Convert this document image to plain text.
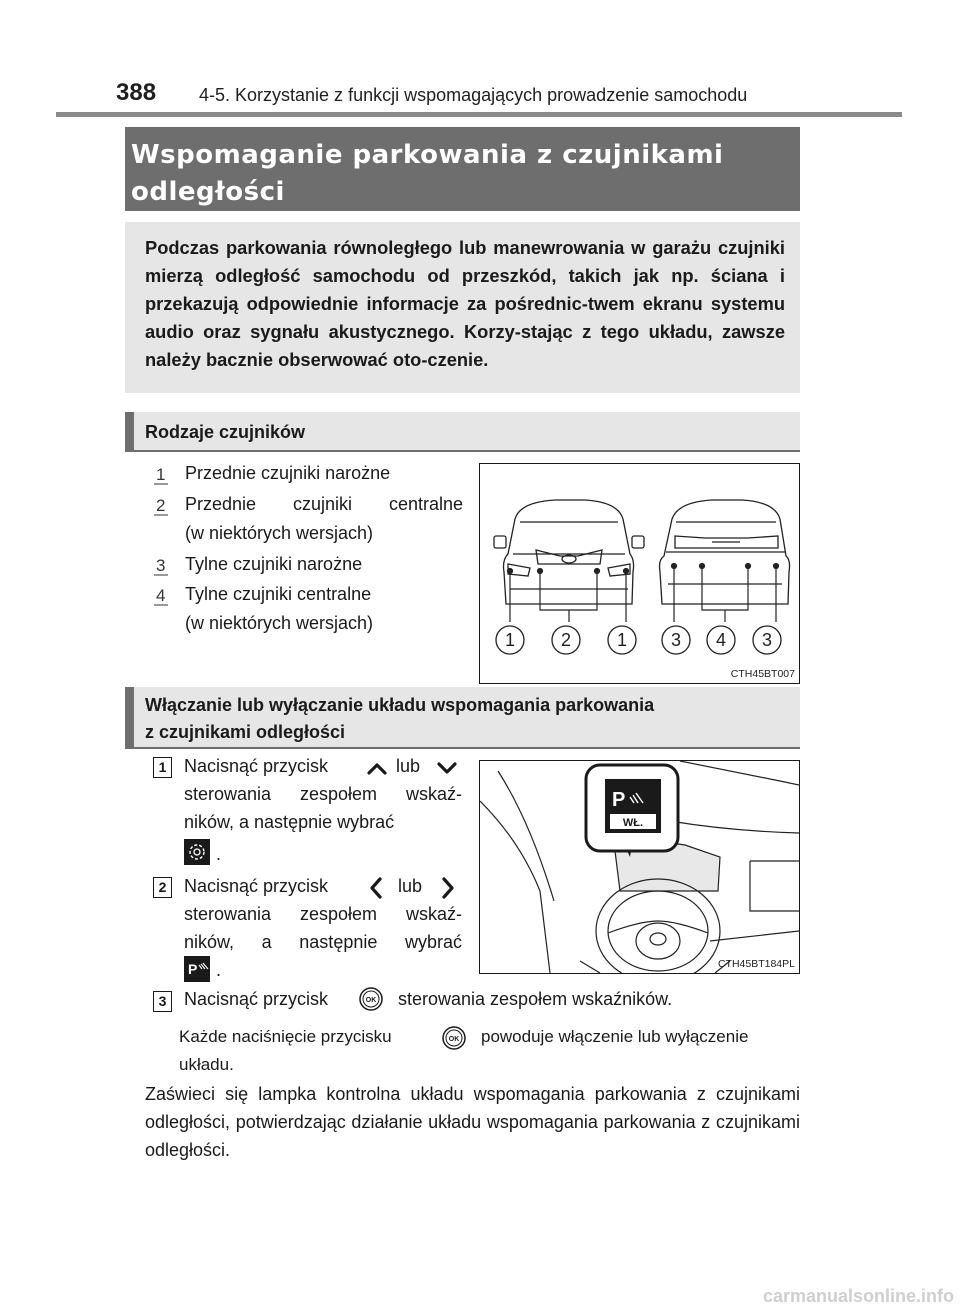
388 4-5. Korzystanie z funkcji wspomagających prowadzenie samochodu
Wspomaganie parkowania z czujnikami odległości

Podczas parkowania równoległego lub manewrowania w garażu czujniki mierzą odległość samochodu od przeszkód, takich jak np. ściana i przekazują odpowiednie informacje za pośrednic-twem ekranu systemu audio oraz sygnału akustycznego. Korzy-stając z tego układu, zawsze należy bacznie obserwować oto-czenie.

Rodzaje czujników
1 Przednie czujniki narożne
2 Przednie czujniki centralne
(w niektórych wersjach)
3 Tylne czujniki narożne
4 Tylne czujniki centralne
(w niektórych wersjach)
1	2	1 3 4 3
CTH45BT007
Włączanie lub wyłączanie układu wspomagania parkowania
z czujnikami odległości
1 Nacisnąć przycisk	lub
sterowania zespołem wskaź-
ników, a następnie wybrać
.
2 Nacisnąć przycisk	lub
sterowania zespołem wskaź-
ników, a następnie wybrać
P .
P
WŁ.
CTH45BT184PL
3 Nacisnąć przycisk	OK sterowania zespołem wskaźników.
Każde naciśnięcie przycisku	OK powoduje włączenie lub wyłączenie
układu.
Zaświeci się lampka kontrolna układu wspomagania parkowania z czujnikami odległości, potwierdzając działanie układu wspomagania parkowania z czujnikami odległości.
carmanualsonline.info
